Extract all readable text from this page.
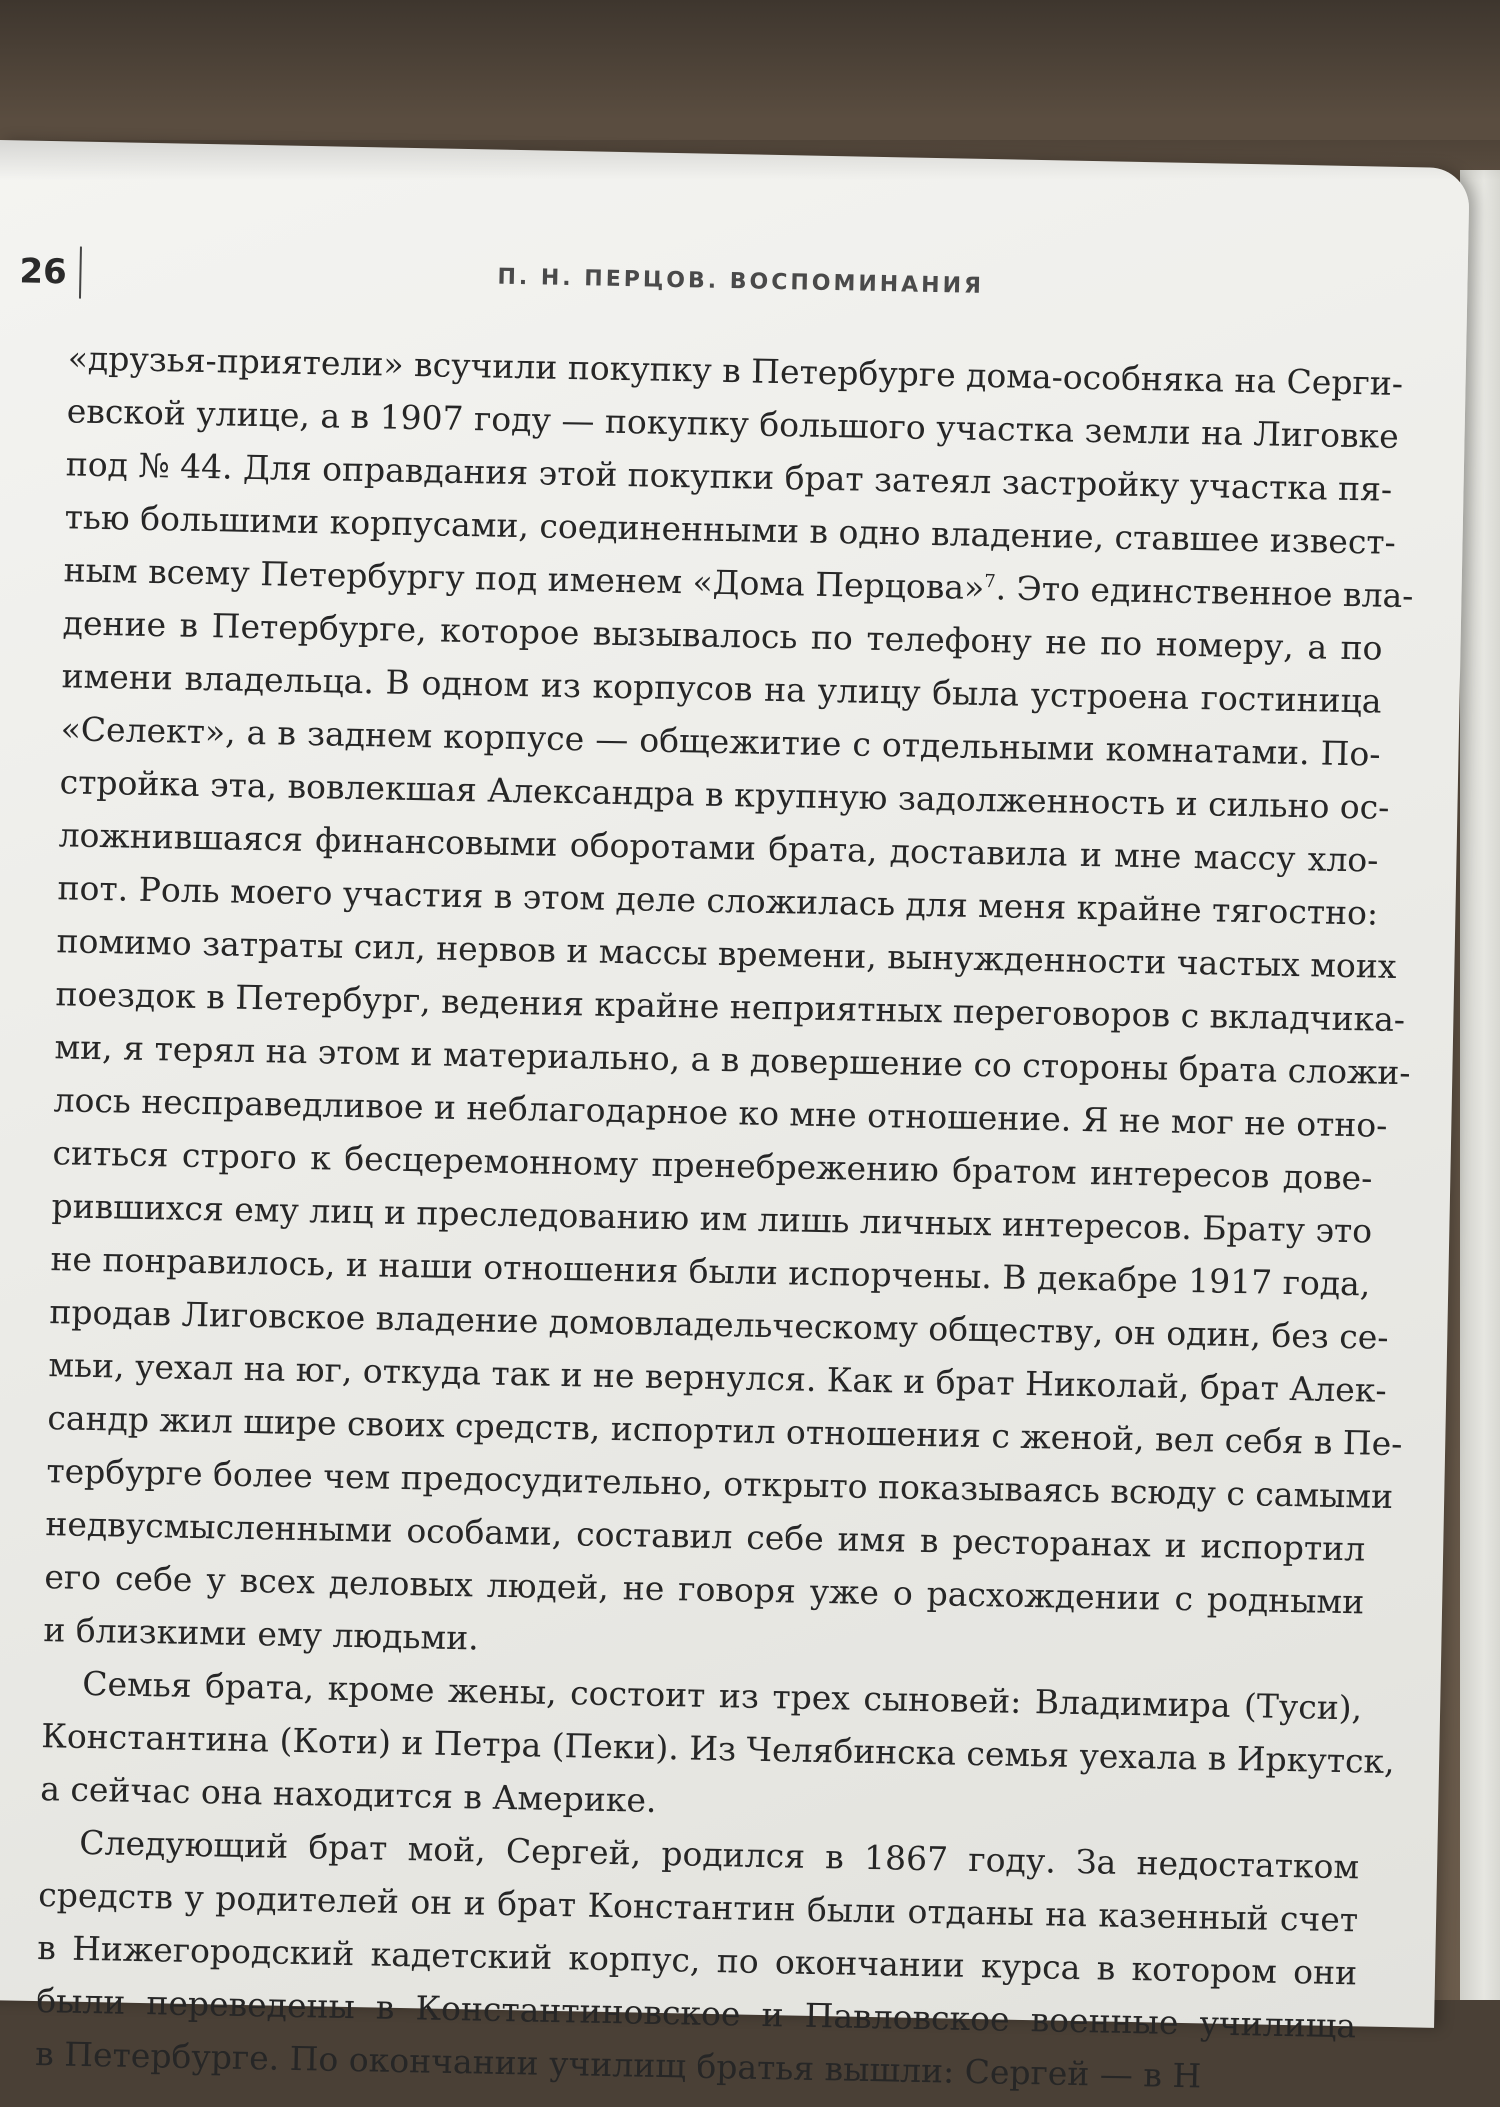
26	П. Н. ПЕРЦОВ. ВОСПОМИНАНИЯ
«друзья-приятели» всучили покупку в Петербурге дома-особняка на Серги-
евской улице, а в 1907 году — покупку большого участка земли на Лиговке
под № 44. Для оправдания этой покупки брат затеял застройку участка пя-
тью большими корпусами, соединенными в одно владение, ставшее извест-
ным всему Петербургу под именем «Дома Перцова»$^7$. Это единственное вла-
дение в Петербурге, которое вызывалось по телефону не по номеру, а по
имени владельца. В одном из корпусов на улицу была устроена гостиница
«Селект», а в заднем корпусе — общежитие с отдельными комнатами. По-
стройка эта, вовлекшая Александра в крупную задолженность и сильно ос-
ложнившаяся финансовыми оборотами брата, доставила и мне массу хло-
пот. Роль моего участия в этом деле сложилась для меня крайне тягостно:
помимо затраты сил, нервов и массы времени, вынужденности частых моих
поездок в Петербург, ведения крайне неприятных переговоров с вкладчика-
ми, я терял на этом и материально, а в довершение со стороны брата сложи-
лось несправедливое и неблагодарное ко мне отношение. Я не мог не отно-
ситься строго к бесцеремонному пренебрежению братом интересов дове-
рившихся ему лиц и преследованию им лишь личных интересов. Брату это
не понравилось, и наши отношения были испорчены. В декабре 1917 года,
продав Лиговское владение домовладельческому обществу, он один, без се-
мьи, уехал на юг, откуда так и не вернулся. Как и брат Николай, брат Алек-
сандр жил шире своих средств, испортил отношения с женой, вел себя в Пе-
тербурге более чем предосудительно, открыто показываясь всюду с самыми
недвусмысленными особами, составил себе имя в ресторанах и испортил
его себе у всех деловых людей, не говоря уже о расхождении с родными
и близкими ему людьми.
Семья брата, кроме жены, состоит из трех сыновей: Владимира (Туси),
Константина (Коти) и Петра (Пеки). Из Челябинска семья уехала в Иркутск,
а сейчас она находится в Америке.
Следующий брат мой, Сергей, родился в 1867 году. За недостатком
средств у родителей он и брат Константин были отданы на казенный счет
в Нижегородский кадетский корпус, по окончании курса в котором они
были переведены в Константиновское и Павловское военные училища
в Петербурге. По окончании училищ братья вышли: Сергей — в Н
